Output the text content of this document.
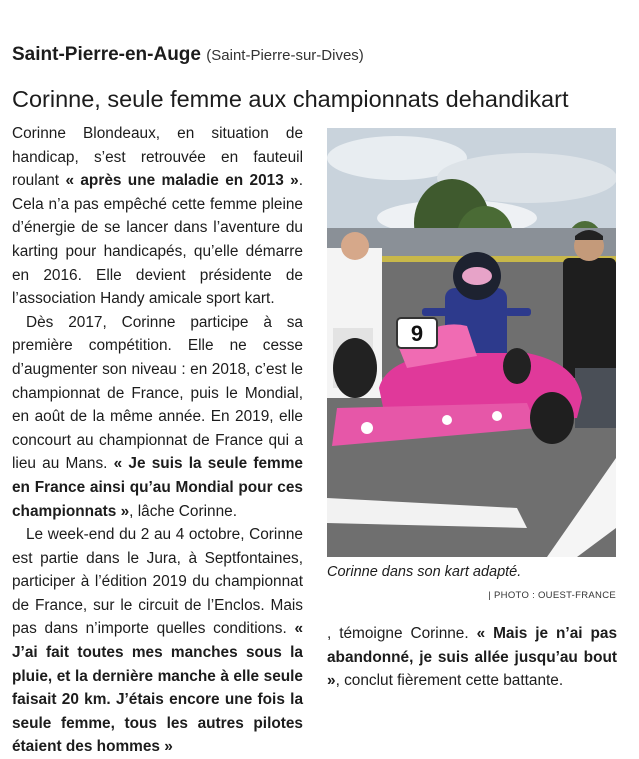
Saint-Pierre-en-Auge (Saint-Pierre-sur-Dives)
Corinne, seule femme aux championnats dehandikart

Corinne Blondeaux, en situation de handicap, s’est retrouvée en fauteuil roulant « après une maladie en 2013 ». Cela n’a pas empêché cette femme pleine d’énergie de se lancer dans l’aventure du karting pour handicapés, qu’elle démarre en 2016. Elle devient présidente de l’association Handy amicale sport kart.

Dès 2017, Corinne participe à sa première compétition. Elle ne cesse d’augmenter son niveau : en 2018, c’est le championnat de France, puis le Mondial, en août de la même année. En 2019, elle concourt au championnat de France qui a lieu au Mans. « Je suis la seule femme en France ainsi qu’au Mondial pour ces championnats », lâche Corinne.

Le week-end du 2 au 4 octobre, Corinne est partie dans le Jura, à Septfontaines, participer à l’édition 2019 du championnat de France, sur le circuit de l’Enclos. Mais pas dans n’importe quelles conditions. « J’ai fait toutes mes manches sous la pluie, et la dernière manche à elle seule faisait 20 km. J’étais encore une fois la seule femme, tous les autres pilotes étaient des hommes »

, témoigne Corinne. « Mais je n’ai pas abandonné, je suis allée jusqu’au bout », conclut fièrement cette battante.

9
Corinne dans son kart adapté.
| PHOTO : OUEST-FRANCE
